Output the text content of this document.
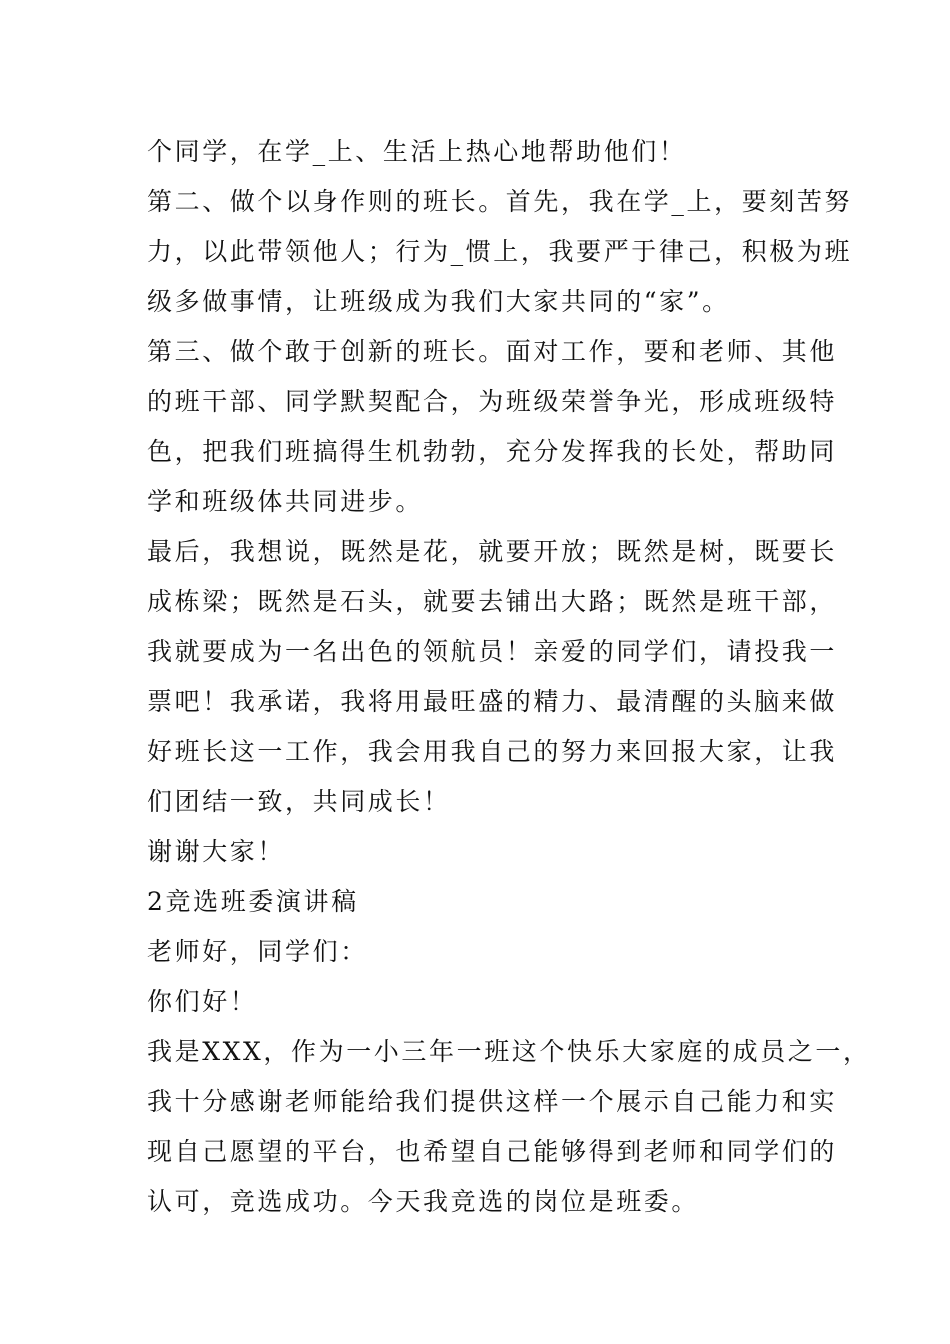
个同学，在学_上、生活上热心地帮助他们！
第二、做个以身作则的班长。首先，我在学_上，要刻苦努
力，以此带领他人；行为_惯上，我要严于律己，积极为班
级多做事情，让班级成为我们大家共同的“家”。
第三、做个敢于创新的班长。面对工作，要和老师、其他
的班干部、同学默契配合，为班级荣誉争光，形成班级特
色，把我们班搞得生机勃勃，充分发挥我的长处，帮助同
学和班级体共同进步。
最后，我想说，既然是花，就要开放；既然是树，既要长
成栋梁；既然是石头，就要去铺出大路；既然是班干部，
我就要成为一名出色的领航员！亲爱的同学们，请投我一
票吧！我承诺，我将用最旺盛的精力、最清醒的头脑来做
好班长这一工作，我会用我自己的努力来回报大家，让我
们团结一致，共同成长！
谢谢大家！
2竞选班委演讲稿
老师好，同学们：
你们好！
我是XXX，作为一小三年一班这个快乐大家庭的成员之一，
我十分感谢老师能给我们提供这样一个展示自己能力和实
现自己愿望的平台，也希望自己能够得到老师和同学们的
认可，竞选成功。今天我竞选的岗位是班委。
